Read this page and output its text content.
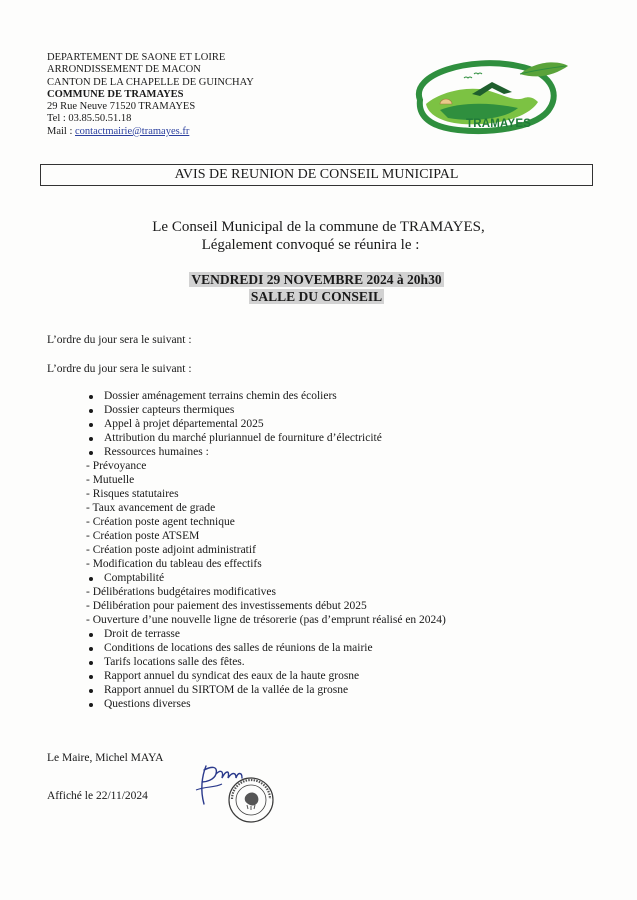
DEPARTEMENT DE SAONE ET LOIRE
ARRONDISSEMENT DE MACON
CANTON DE LA CHAPELLE DE GUINCHAY
COMMUNE DE TRAMAYES
29 Rue Neuve 71520 TRAMAYES
Tel : 03.85.50.51.18
Mail : contactmairie@tramayes.fr
TRAMAYES
AVIS DE REUNION DE CONSEIL MUNICIPAL
Le Conseil Municipal de la commune de TRAMAYES,
Légalement convoqué se réunira le :
VENDREDI 29 NOVEMBRE 2024 à 20h30
SALLE DU CONSEIL
L’ordre du jour sera le suivant :
L’ordre du jour sera le suivant :
Dossier aménagement terrains chemin des écoliers
Dossier capteurs thermiques
Appel à projet départemental 2025
Attribution du marché pluriannuel de fourniture d’électricité
Ressources humaines :
- Prévoyance
- Mutuelle
- Risques statutaires
- Taux avancement de grade
- Création poste agent technique
- Création poste ATSEM
- Création poste adjoint administratif
- Modification du tableau des effectifs
Comptabilité
- Délibérations budgétaires modificatives
- Délibération pour paiement des investissements début 2025
- Ouverture d’une nouvelle ligne de trésorerie (pas d’emprunt réalisé en 2024)
Droit de terrasse
Conditions de locations des salles de réunions de la mairie
Tarifs locations salle des fêtes.
Rapport annuel du syndicat des eaux de la haute grosne
Rapport annuel du SIRTOM de la vallée de la grosne
Questions diverses
Le Maire, Michel MAYA
Affiché le 22/11/2024
